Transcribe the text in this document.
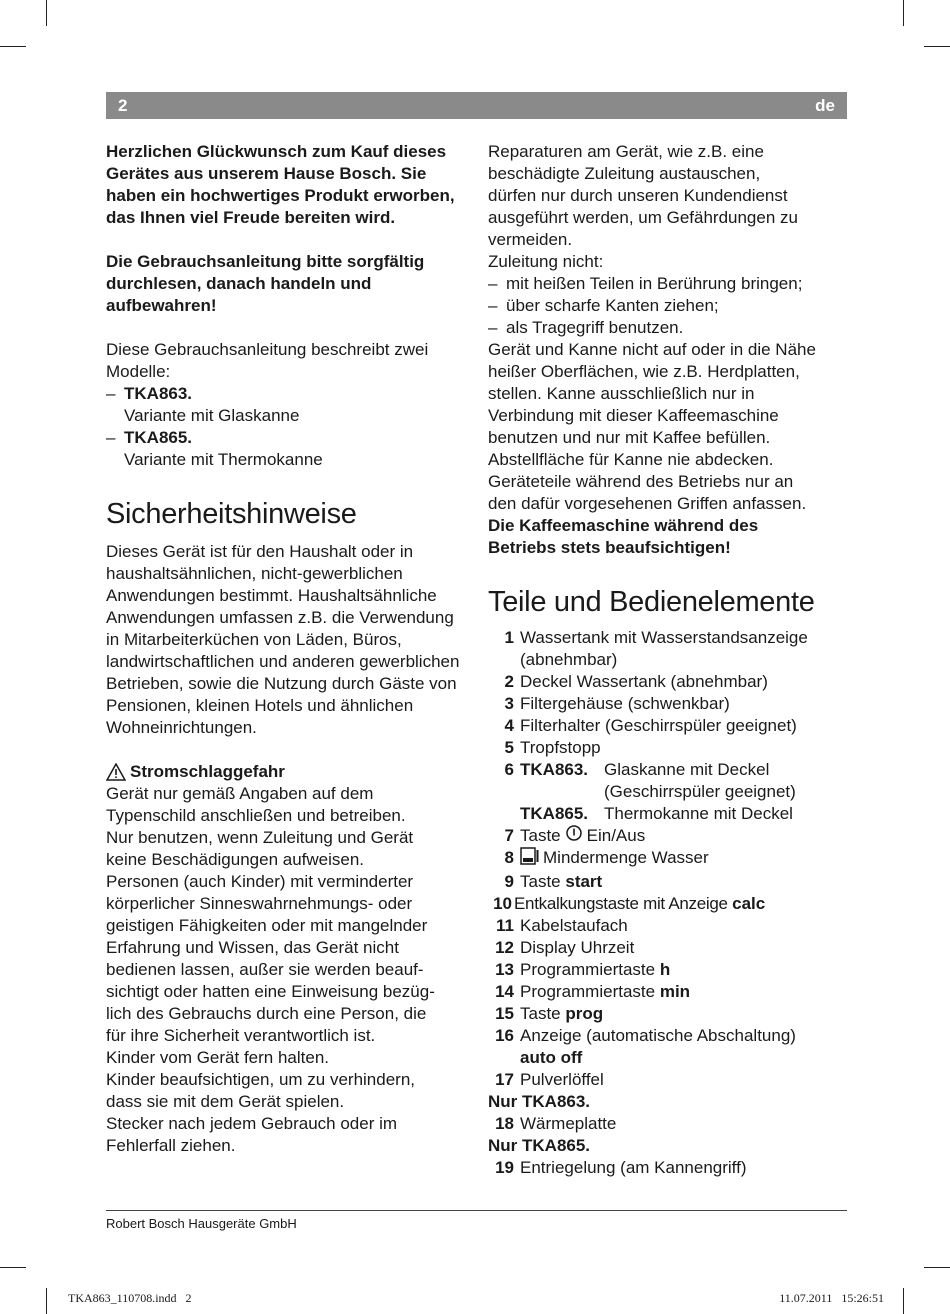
2	de

Herzlichen Glückwunsch zum Kauf dieses Gerätes aus unserem Hause Bosch. Sie haben ein hochwertiges Produkt erworben, das Ihnen viel Freude bereiten wird.

Die Gebrauchsanleitung bitte sorgfältig durchlesen, danach handeln und aufbewahren!

Diese Gebrauchsanleitung beschreibt zwei Modelle:

– TKA863.
Variante mit Glaskanne
– TKA865.
Variante mit Thermokanne
Sicherheitshinweise

Dieses Gerät ist für den Haushalt oder in haushaltsähnlichen, nicht-gewerblichen Anwendungen bestimmt. Haushaltsähnliche Anwendungen umfassen z.B. die Verwendung in Mitarbeiterküchen von Läden, Büros, landwirtschaftlichen und anderen gewerblichen Betrieben, sowie die Nutzung durch Gäste von Pensionen, kleinen Hotels und ähnlichen Wohneinrichtungen.

Stromschlaggefahr
Gerät nur gemäß Angaben auf dem
Typenschild anschließen und betreiben.
Nur benutzen, wenn Zuleitung und Gerät
keine Beschädigungen aufweisen.
Personen (auch Kinder) mit verminderter
körperlicher Sinneswahrnehmungs- oder
geistigen Fähigkeiten oder mit mangelnder
Erfahrung und Wissen, das Gerät nicht
bedienen lassen, außer sie werden beauf-
sichtigt oder hatten eine Einweisung bezüg-
lich des Gebrauchs durch eine Person, die
für ihre Sicherheit verantwortlich ist.
Kinder vom Gerät fern halten.
Kinder beaufsichtigen, um zu verhindern,
dass sie mit dem Gerät spielen.
Stecker nach jedem Gebrauch oder im
Fehlerfall ziehen.
Reparaturen am Gerät, wie z.B. eine
beschädigte Zuleitung austauschen,
dürfen nur durch unseren Kundendienst
ausgeführt werden, um Gefährdungen zu
vermeiden.

Zuleitung nicht:

– mit heißen Teilen in Berührung bringen;
– über scharfe Kanten ziehen;
– als Tragegriff benutzen.
Gerät und Kanne nicht auf oder in die Nähe
heißer Oberflächen, wie z.B. Herdplatten,
stellen. Kanne ausschließlich nur in
Verbindung mit dieser Kaffeemaschine
benutzen und nur mit Kaffee befüllen.
Abstellfläche für Kanne nie abdecken.
Geräteteile während des Betriebs nur an
den dafür vorgesehenen Griffen anfassen.

Die Kaffeemaschine während des Betriebs stets beaufsichtigen!

Teile und Bedienelemente
1 Wassertank mit Wasserstandsanzeige
(abnehmbar)
2 Deckel Wassertank (abnehmbar)
3 Filtergehäuse (schwenkbar)
4 Filterhalter (Geschirrspüler geeignet)
5 Tropfstopp
6 TKA863. Glaskanne mit Deckel
(Geschirrspüler geeignet)
TKA865. Thermokanne mit Deckel
7 Taste Ein/Aus
8	Mindermenge Wasser
9 Taste start
10 Entkalkungstaste mit Anzeige calc
11 Kabelstaufach
12 Display Uhrzeit
13 Programmiertaste h
14 Programmiertaste min
15 Taste prog
16 Anzeige (automatische Abschaltung)
auto off
17 Pulverlöffel
Nur TKA863.
18 Wärmeplatte
Nur TKA865.
19 Entriegelung (am Kannengriff)
Robert Bosch Hausgeräte GmbH
TKA863_110708.indd   2	11.07.2011   15:26:51
